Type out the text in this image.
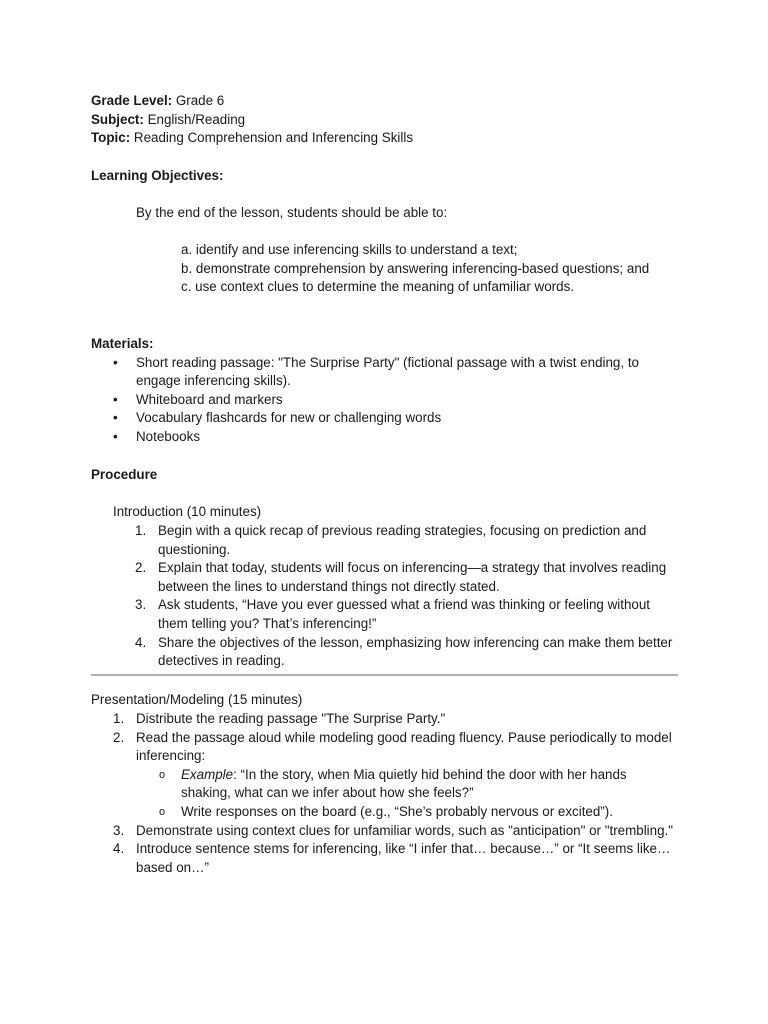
Grade Level: Grade 6
Subject: English/Reading
Topic: Reading Comprehension and Inferencing Skills
Learning Objectives:
By the end of the lesson, students should be able to:
a. identify and use inferencing skills to understand a text;
b. demonstrate comprehension by answering inferencing-based questions; and
c. use context clues to determine the meaning of unfamiliar words.
Materials:
• Short reading passage: "The Surprise Party" (fictional passage with a twist ending, to engage inferencing skills).
• Whiteboard and markers
• Vocabulary flashcards for new or challenging words
• Notebooks
Procedure
Introduction (10 minutes)
1. Begin with a quick recap of previous reading strategies, focusing on prediction and questioning.
2. Explain that today, students will focus on inferencing—a strategy that involves reading between the lines to understand things not directly stated.
3. Ask students, “Have you ever guessed what a friend was thinking or feeling without them telling you? That’s inferencing!”
4. Share the objectives of the lesson, emphasizing how inferencing can make them better detectives in reading.
Presentation/Modeling (15 minutes)
1. Distribute the reading passage "The Surprise Party."
2. Read the passage aloud while modeling good reading fluency. Pause periodically to model inferencing:
o Example: “In the story, when Mia quietly hid behind the door with her hands shaking, what can we infer about how she feels?”
o Write responses on the board (e.g., “She’s probably nervous or excited”).
3. Demonstrate using context clues for unfamiliar words, such as "anticipation" or "trembling."
4. Introduce sentence stems for inferencing, like “I infer that… because…” or “It seems like… based on…”
